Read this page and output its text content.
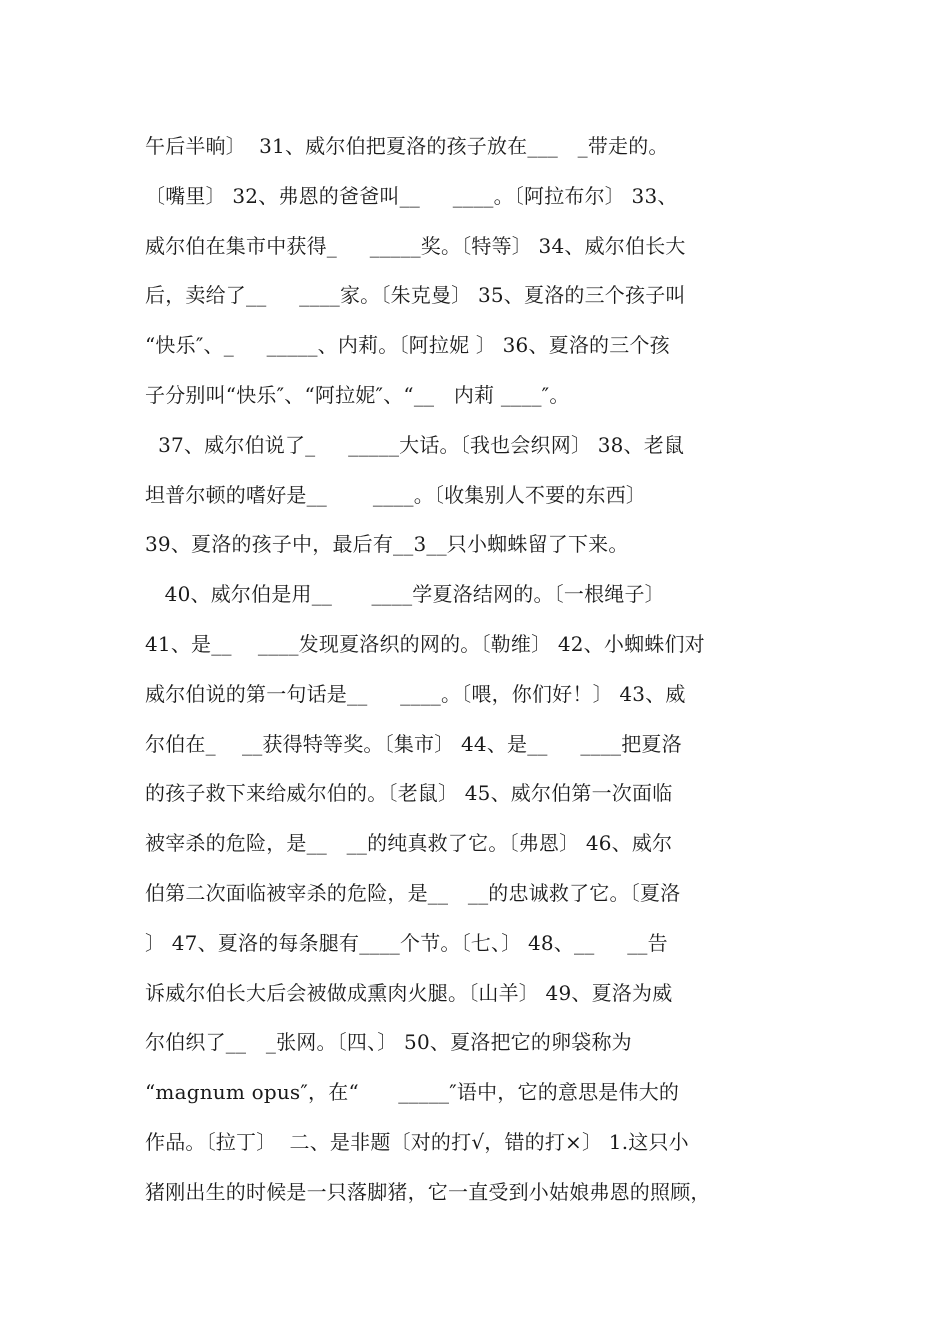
午后半晌〕  31、威尔伯把夏洛的孩子放在___   _带走的。
〔嘴里〕 32、弗恩的爸爸叫__     ____。〔阿拉布尔〕 33、
威尔伯在集市中获得_     _____奖。〔特等〕 34、威尔伯长大
后，卖给了__     ____家。〔朱克曼〕 35、夏洛的三个孩子叫
“快乐″、_     _____、内莉。〔阿拉妮 〕 36、夏洛的三个孩
子分别叫“快乐″、“阿拉妮″、“__   内莉 ____″。
37、威尔伯说了_     _____大话。〔我也会织网〕 38、老鼠
坦普尔顿的嗜好是__       ____。〔收集别人不要的东西〕
39、夏洛的孩子中，最后有__3__只小蜘蛛留了下来。
40、威尔伯是用__      ____学夏洛结网的。〔一根绳子〕
41、是__    ____发现夏洛织的网的。〔勒维〕 42、小蜘蛛们对
威尔伯说的第一句话是__     ____。〔喂，你们好！〕 43、威
尔伯在_    __获得特等奖。〔集市〕 44、是__     ____把夏洛
的孩子救下来给威尔伯的。〔老鼠〕 45、威尔伯第一次面临
被宰杀的危险，是__   __的纯真救了它。〔弗恩〕 46、威尔
伯第二次面临被宰杀的危险，是__   __的忠诚救了它。〔夏洛
〕 47、夏洛的每条腿有____个节。〔七、〕 48、__     __告
诉威尔伯长大后会被做成熏肉火腿。〔山羊〕 49、夏洛为威
尔伯织了__   _张网。〔四、〕 50、夏洛把它的卵袋称为
“magnum opus″，在“      _____″语中，它的意思是伟大的
作品。〔拉丁〕  二、是非题〔对的打√，错的打×〕 1.这只小
猪刚出生的时候是一只落脚猪，它一直受到小姑娘弗恩的照顾，
